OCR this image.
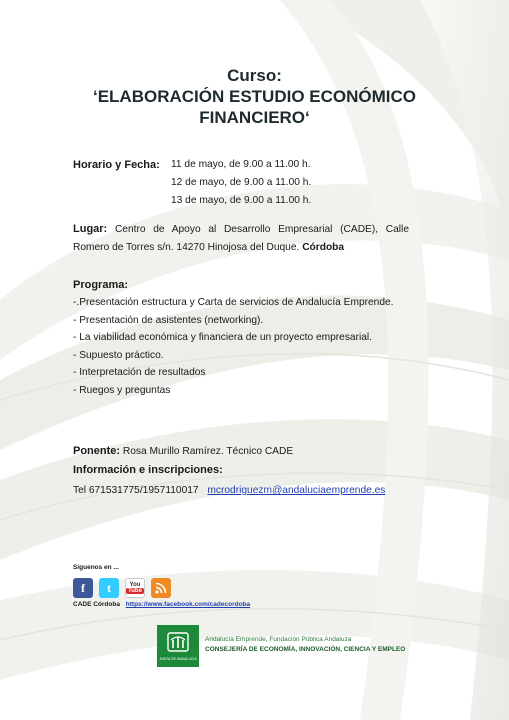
Curso:
‘ELABORACIÓN ESTUDIO ECONÓMICO
FINANCIERO‘
Horario y Fecha:	11 de mayo, de 9.00 a 11.00 h.
12 de mayo, de 9.00 a 11.00 h.
13 de mayo, de 9.00 a 11.00 h.
Lugar: Centro de Apoyo al Desarrollo Empresarial (CADE), Calle Romero de Torres s/n. 14270 Hinojosa del Duque. Córdoba
Programa:
-.Presentación estructura y Carta de servicios de Andalucía Emprende.
- Presentación de asistentes (networking).
- La viabilidad económica y financiera de un proyecto empresarial.
- Supuesto práctico.
- Interpretación de resultados
- Ruegos y preguntas
Ponente: Rosa Murillo Ramírez. Técnico CADE
Información e inscripciones:
Tel 671531775/1957110017 mcrodriguezm@andaluciaemprende.es
Síguenos en ...
f	t	You
Tube
CADE Córdoba https://www.facebook.com/cadecordoba
JUNTA DE ANDALUCIA
Andalucía Emprende, Fundación Pública Andaluza
CONSEJERÍA DE ECONOMÍA, INNOVACIÓN, CIENCIA Y EMPLEO
